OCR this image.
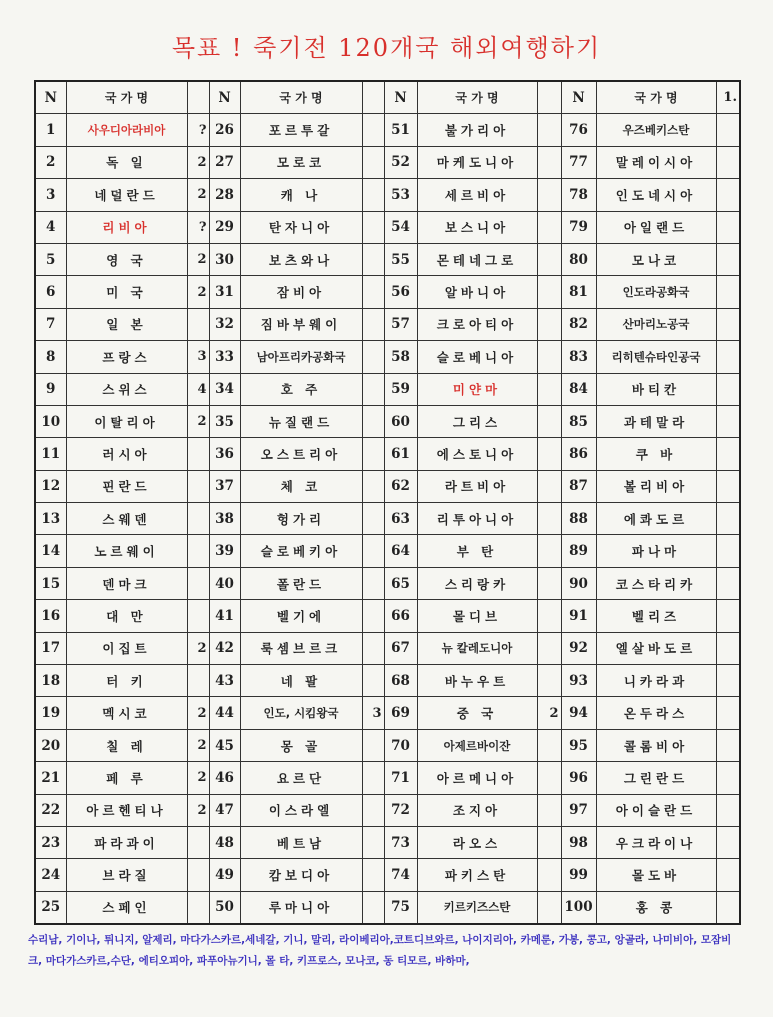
목표 ! 죽기전 120개국 해외여행하기
N	국 가 명		N	국 가 명		N	국 가 명		N	국 가 명	1.
1	사우디아라비아	?	26	포르투갈		51	불가리아		76	우즈베키스탄	
2	독 일	2	27	모로코		52	마케도니아		77	말레이시아	
3	네덜란드	2	28	캐 나		53	세르비아		78	인도네시아	
4	리비아	?	29	탄자니아		54	보스니아		79	아일랜드	
5	영 국	2	30	보츠와나		55	몬테네그로		80	모나코	
6	미 국	2	31	잠비아		56	알바니아		81	인도라공화국	
7	일 본		32	짐바부웨이		57	크로아티아		82	산마리노공국	
8	프랑스	3	33	남아프리카공화국		58	슬로베니아		83	리히텐슈타인공국	
9	스위스	4	34	호 주		59	미얀마		84	바티칸	
10	이탈리아	2	35	뉴질랜드		60	그리스		85	과테말라	
11	러시아		36	오스트리아		61	에스토니아		86	쿠 바	
12	핀란드		37	체 코		62	라트비아		87	볼리비아	
13	스웨덴		38	헝가리		63	리투아니아		88	에콰도르	
14	노르웨이		39	슬로베키아		64	부 탄		89	파나마	
15	덴마크		40	폴란드		65	스리랑카		90	코스타리카	
16	대 만		41	벨기에		66	몰디브		91	벨리즈	
17	이집트	2	42	룩셈브르크		67	뉴 칼레도니아		92	엘살바도르	
18	터 키		43	네 팔		68	바누우트		93	니카라과	
19	멕시코	2	44	인도, 시킴왕국	3	69	중 국	2	94	온두라스	
20	칠 레	2	45	몽 골		70	아제르바이잔		95	콜롬비아	
21	페 루	2	46	요르단		71	아르메니아		96	그린란드	
22	아르헨티나	2	47	이스라엘		72	조지아		97	아이슬란드	
23	파라과이		48	베트남		73	라오스		98	우크라이나	
24	브라질		49	캄보디아		74	파키스탄		99	몰도바	
25	스페인		50	루마니아		75	키르키즈스탄		100	홍 콩	
수리남, 기이나, 튀니지, 알제리, 마다가스카르,세네갈, 기니, 말리, 라이베리아,코트디브와르, 나이지리아, 카메룬, 가봉, 콩고, 앙골라, 나미비아, 모잠비크, 마다가스카르,수단, 에티오피아, 파푸아뉴기니, 몰 타, 키프로스, 모나코, 동 티모르, 바하마,
